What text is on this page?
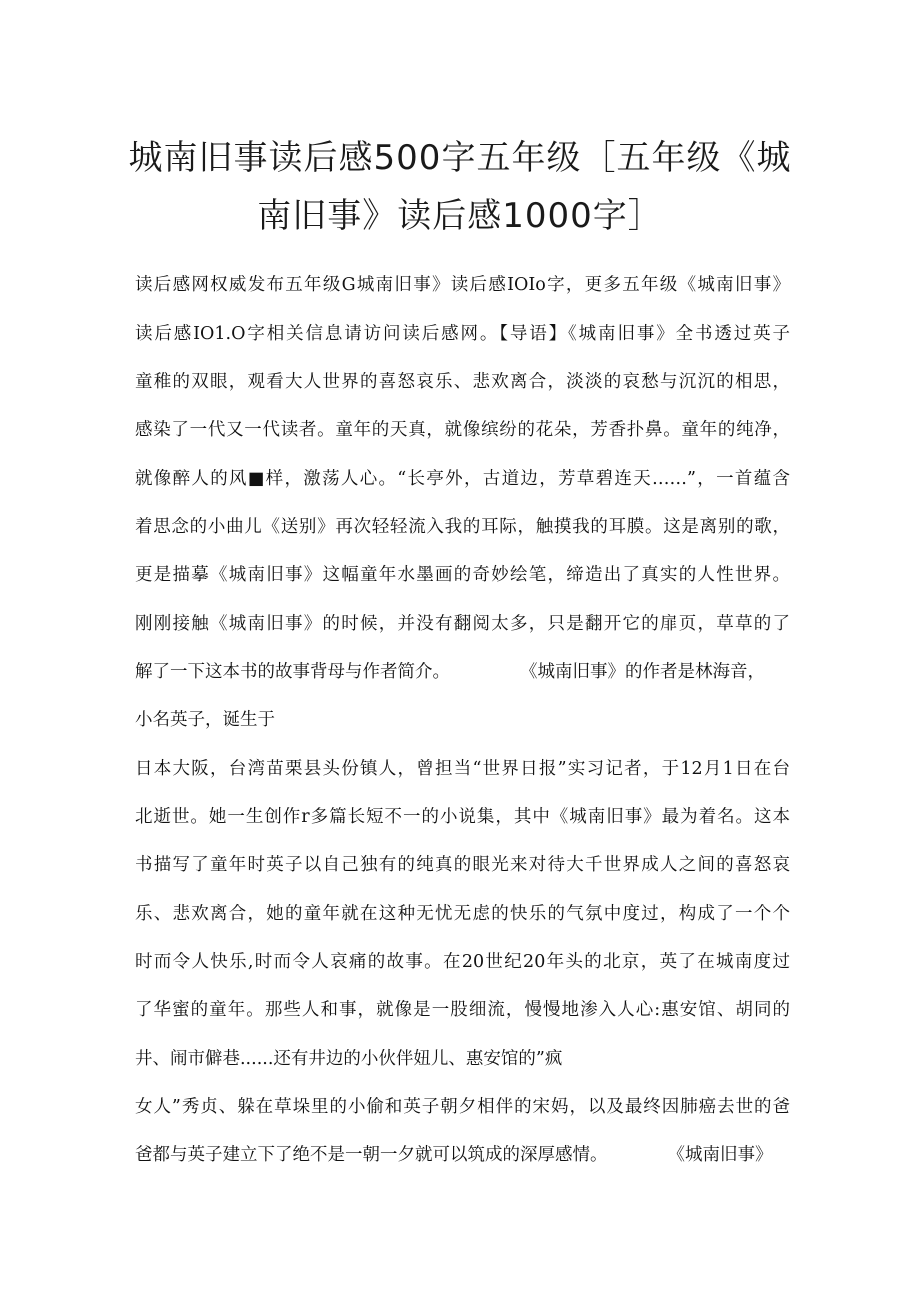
城南旧事读后感500字五年级［五年级《城
南旧事》读后感1000字］
读后感网权威发布五年级G城南旧事》读后感IOIo字，更多五年级《城南旧事》
读后感IO1.O字相关信息请访问读后感网。【导语】《城南旧事》全书透过英子
童稚的双眼，观看大人世界的喜怒哀乐、悲欢离合，淡淡的哀愁与沉沉的相思，
感染了一代又一代读者。童年的天真，就像缤纷的花朵，芳香扑鼻。童年的纯净，
就像醉人的风■样，激荡人心。“长亭外，古道边，芳草碧连天……”，一首蕴含
着思念的小曲儿《送别》再次轻轻流入我的耳际，触摸我的耳膜。这是离别的歌，
更是描摹《城南旧事》这幅童年水墨画的奇妙绘笔，缔造出了真实的人性世界。
刚刚接触《城南旧事》的时候，并没有翻阅太多，只是翻开它的扉页，草草的了
解了一下这本书的故事背母与作者简介。	《城南旧事》的作者是林海音，
小名英子，诞生于
日本大阪，台湾苗栗县头份镇人，曾担当“世界日报”实习记者，于12月1日在台
北逝世。她一生创作r多篇长短不一的小说集，其中《城南旧事》最为着名。这本
书描写了童年时英子以自己独有的纯真的眼光来对待大千世界成人之间的喜怒哀
乐、悲欢离合，她的童年就在这种无忧无虑的快乐的气氛中度过，构成了一个个
时而令人快乐,时而令人哀痛的故事。在20世纪20年头的北京，英了在城南度过
了华蜜的童年。那些人和事，就像是一股细流，慢慢地渗入人心:惠安馆、胡同的
井、闹市僻巷......还有井边的小伙伴妞儿、惠安馆的”疯
女人”秀贞、躲在草垛里的小偷和英子朝夕相伴的宋妈，以及最终因肺癌去世的爸
爸都与英子建立下了绝不是一朝一夕就可以筑成的深厚感情。	《城南旧事》
